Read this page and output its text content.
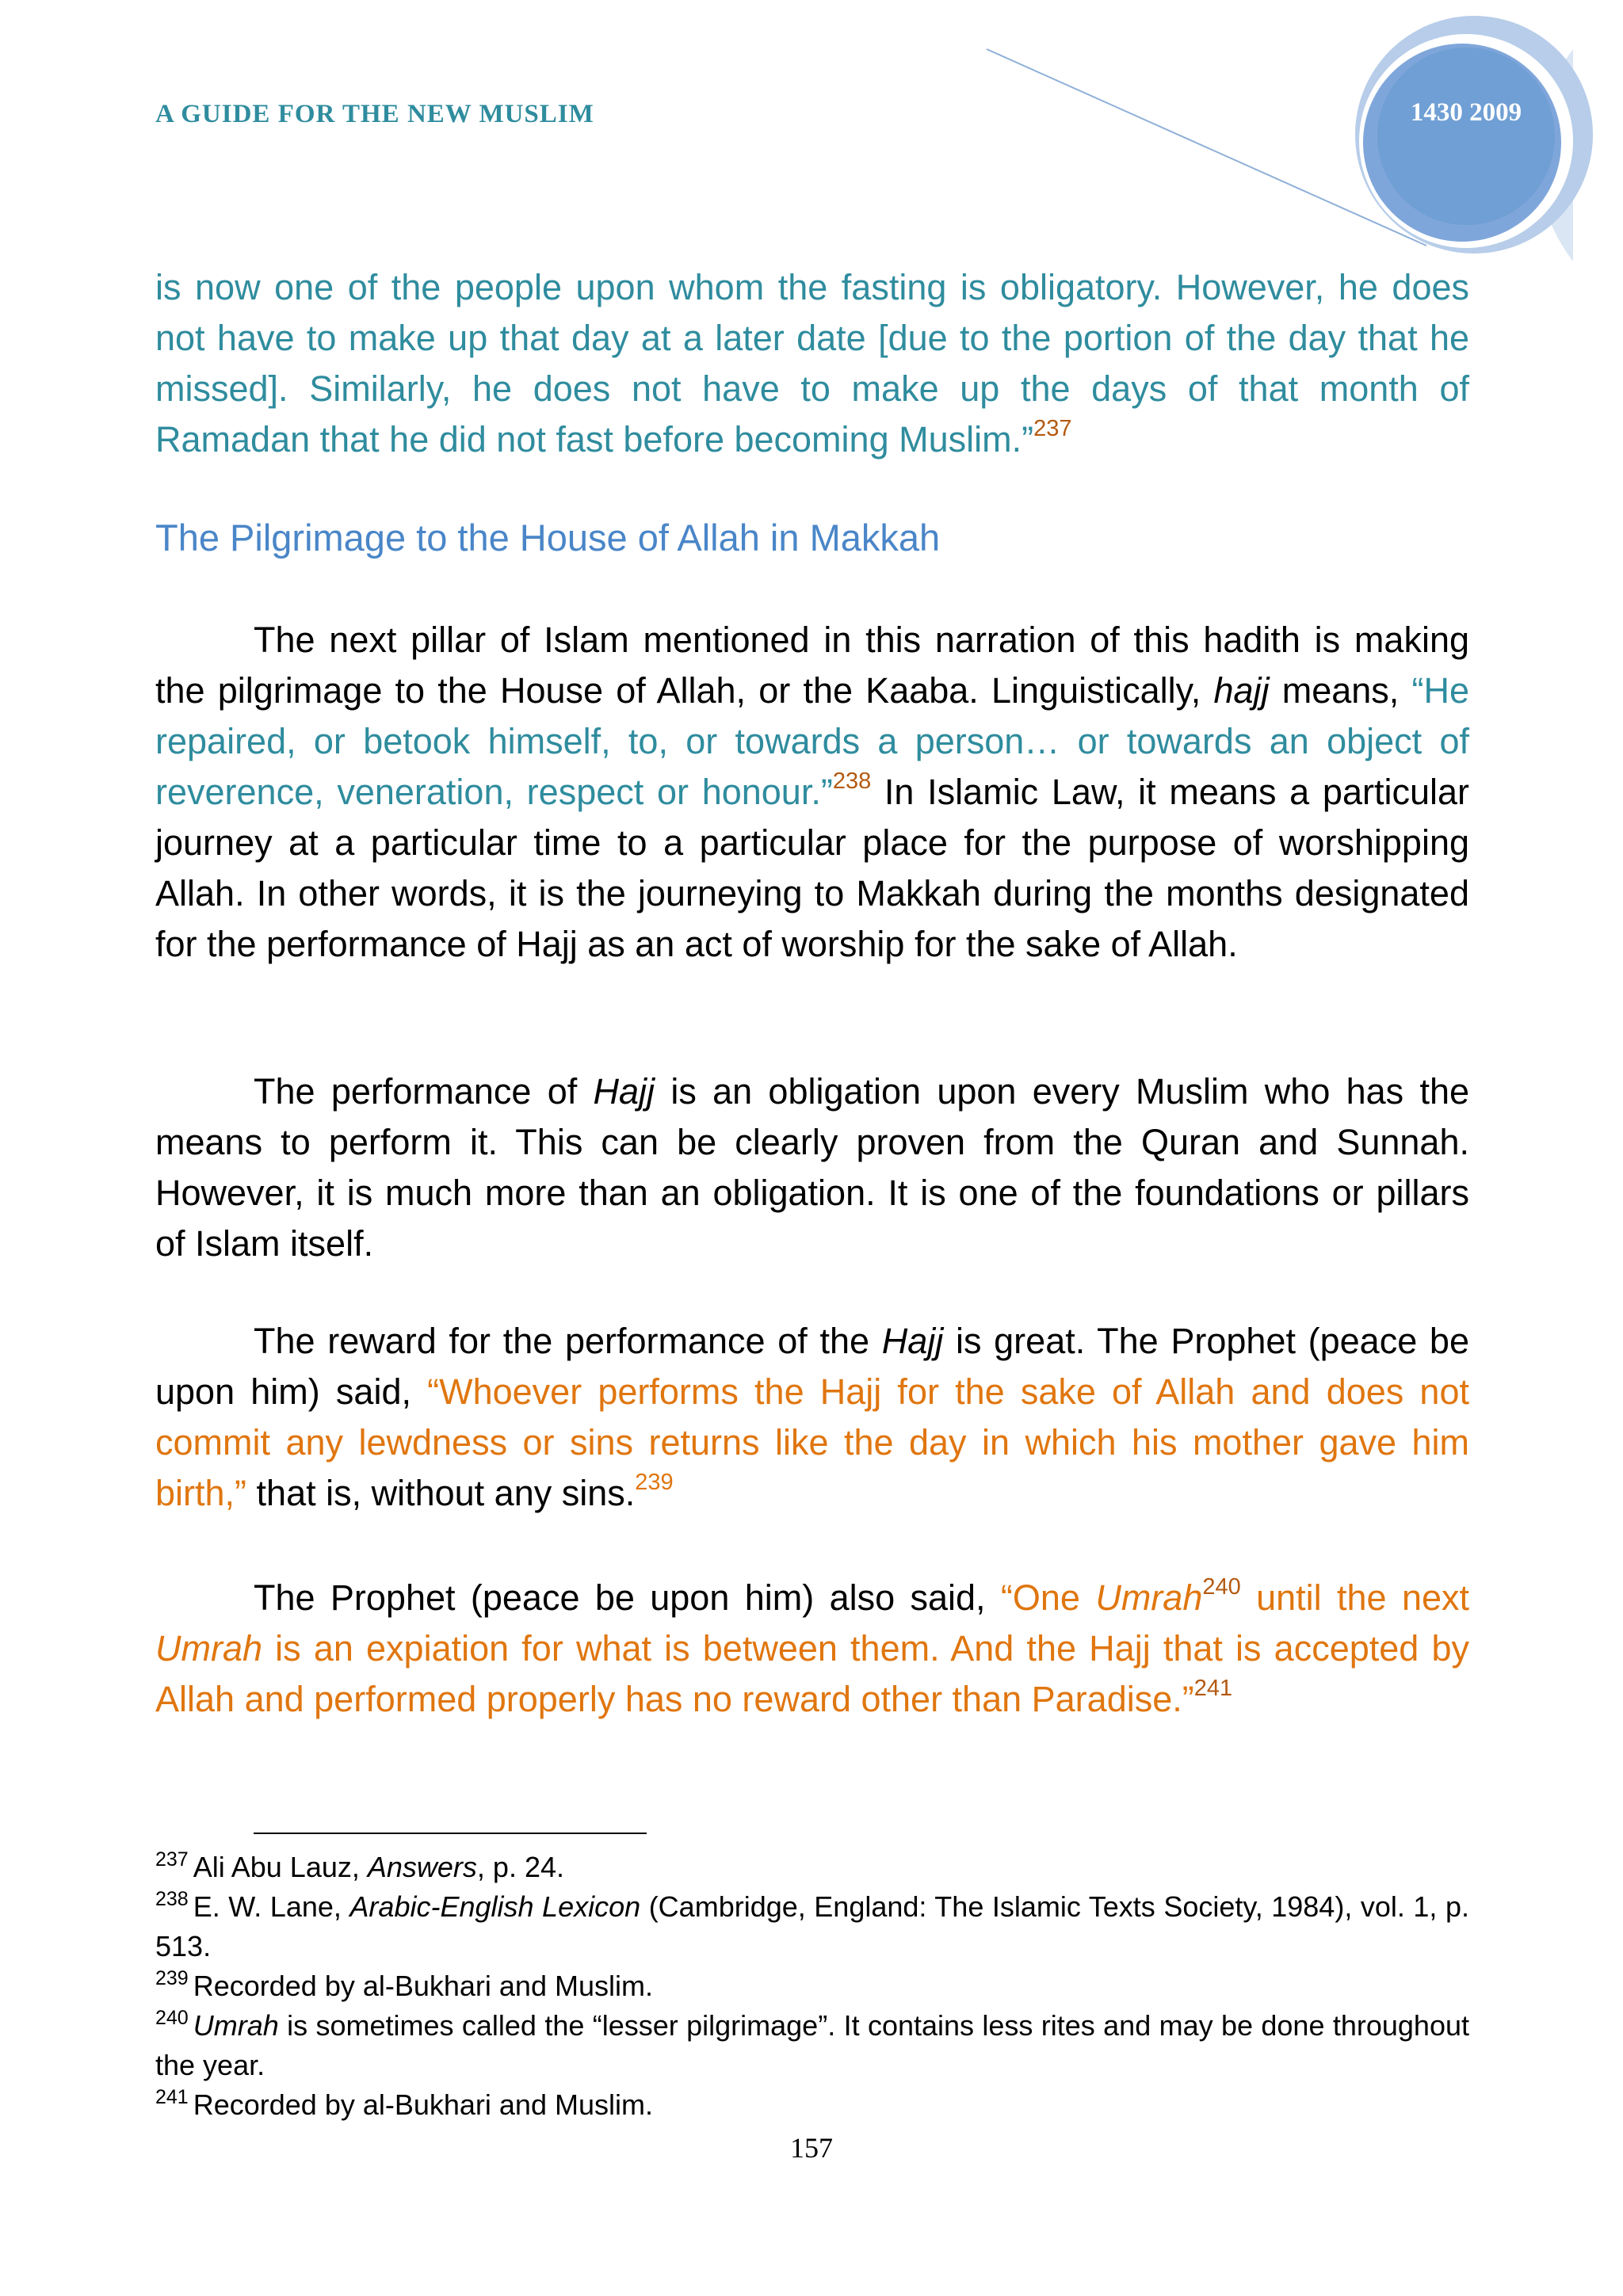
A GUIDE FOR THE NEW MUSLIM	1430 2009
is now one of the people upon whom the fasting is obligatory. However, he does not have to make up that day at a later date [due to the portion of the day that he missed]. Similarly, he does not have to make up the days of that month of Ramadan that he did not fast before becoming Muslim.”$^{237}$
The Pilgrimage to the House of Allah in Makkah
The next pillar of Islam mentioned in this narration of this hadith is making the pilgrimage to the House of Allah, or the Kaaba. Linguistically, hajj means, “He repaired, or betook himself, to, or towards a person… or towards an object of reverence, veneration, respect or honour.”$^{238}$ In Islamic Law, it means a particular journey at a particular time to a particular place for the purpose of worshipping Allah. In other words, it is the journeying to Makkah during the months designated for the performance of Hajj as an act of worship for the sake of Allah.
The performance of Hajj is an obligation upon every Muslim who has the means to perform it. This can be clearly proven from the Quran and Sunnah. However, it is much more than an obligation. It is one of the foundations or pillars of Islam itself.
The reward for the performance of the Hajj is great. The Prophet (peace be upon him) said, “Whoever performs the Hajj for the sake of Allah and does not commit any lewdness or sins returns like the day in which his mother gave him birth,” that is, without any sins.$^{239}$
The Prophet (peace be upon him) also said, “One Umrah$^{240}$ until the next Umrah is an expiation for what is between them. And the Hajj that is accepted by Allah and performed properly has no reward other than Paradise.”$^{241}$
$^{237}$ Ali Abu Lauz, Answers, p. 24.
$^{238}$ E. W. Lane, Arabic-English Lexicon (Cambridge, England: The Islamic Texts Society, 1984), vol. 1, p. 513.
$^{239}$ Recorded by al-Bukhari and Muslim.
$^{240}$ Umrah is sometimes called the “lesser pilgrimage”. It contains less rites and may be done throughout the year.
$^{241}$ Recorded by al-Bukhari and Muslim.
157
